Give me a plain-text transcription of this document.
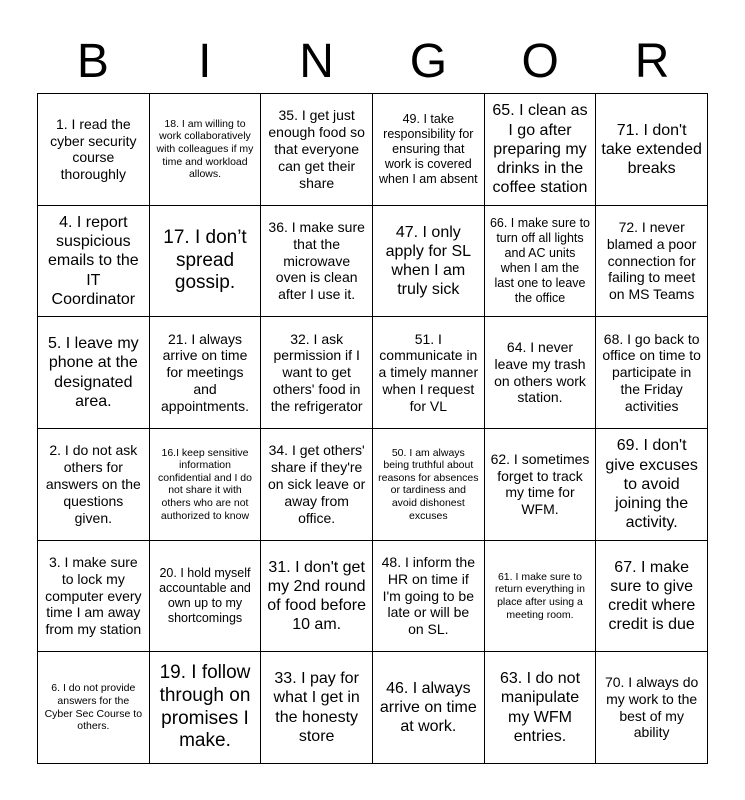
B	I	N	G	O	R
1. I read the cyber security course thoroughly
18. I am willing to work collaboratively with colleagues if my time and workload allows.
35. I get just enough food so that everyone can get their share
49. I take responsibility for ensuring that work is covered when I am absent
65. I clean as I go after preparing my drinks in the coffee station
71. I don't take extended breaks
4. I report suspicious emails to the IT Coordinator
17. I don’t spread gossip.
36. I make sure that the microwave oven is clean after I use it.
47. I only apply for SL when I am truly sick
66. I make sure to turn off all lights and AC units when I am the last one to leave the office
72. I never blamed a poor connection for failing to meet on MS Teams
5. I leave my phone at the designated area.
21. I always arrive on time for meetings and appointments.
32. I ask permission if I want to get others' food in the refrigerator
51. I communicate in a timely manner when I request for VL
64. I never leave my trash on others work station.
68. I go back to office on time to participate in the Friday activities
2. I do not ask others for answers on the questions given.
16.I keep sensitive information confidential and I do not share it with others who are not authorized to know
34. I get others' share if they're on sick leave or away from office.
50. I am always being truthful about reasons for absences or tardiness and avoid dishonest excuses
62. I sometimes forget to track my time for WFM.
69. I don't give excuses to avoid joining the activity.
3. I make sure to lock my computer every time I am away from my station
20. I hold myself accountable and own up to my shortcomings
31. I don't get my 2nd round of food before 10 am.
48. I inform the HR on time if I'm going to be late or will be on SL.
61. I make sure to return everything in place after using a meeting room.
67. I make sure to give credit where credit is due
6. I do not provide answers for the Cyber Sec Course to others.
19. I follow through on promises I make.
33. I pay for what I get in the honesty store
46. I always arrive on time at work.
63. I do not manipulate my WFM entries.
70. I always do my work to the best of my ability
